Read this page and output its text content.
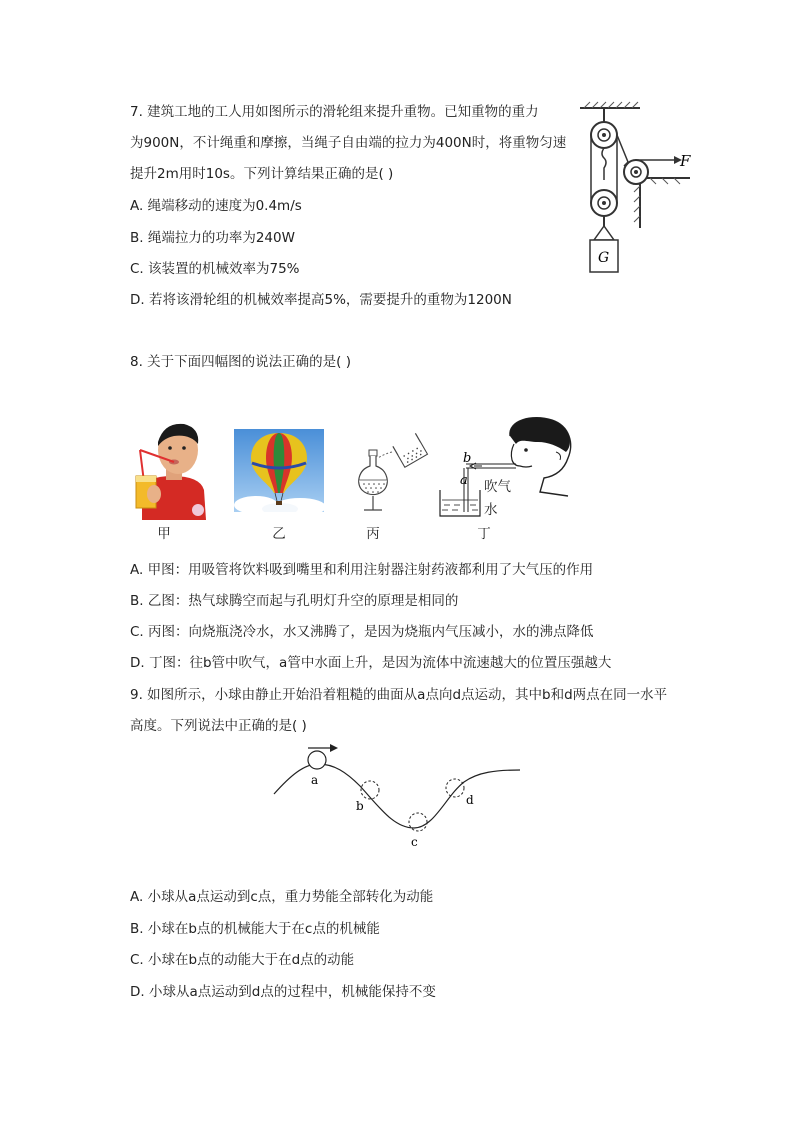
7. 建筑工地的工人用如图所示的滑轮组来提升重物。已知重物的重力
为900N，不计绳重和摩擦，当绳子自由端的拉力为400N时，将重物匀速
提升2m用时10s。下列计算结果正确的是( )
A. 绳端移动的速度为0.4m/s
B. 绳端拉力的功率为240W
C. 该装置的机械效率为75%
D. 若将该滑轮组的机械效率提高5%，需要提升的重物为1200N
G
F
8. 关于下面四幅图的说法正确的是( )
甲	乙	丙
b
a 吹气
水
丁
A. 甲图：用吸管将饮料吸到嘴里和利用注射器注射药液都利用了大气压的作用
B. 乙图：热气球腾空而起与孔明灯升空的原理是相同的
C. 丙图：向烧瓶浇冷水，水又沸腾了，是因为烧瓶内气压减小，水的沸点降低
D. 丁图：往b管中吹气，a管中水面上升，是因为流体中流速越大的位置压强越大
9. 如图所示，小球由静止开始沿着粗糙的曲面从a点向d点运动，其中b和d两点在同一水平
高度。下列说法中正确的是( )
a
b
c
d
A. 小球从a点运动到c点，重力势能全部转化为动能
B. 小球在b点的机械能大于在c点的机械能
C. 小球在b点的动能大于在d点的动能
D. 小球从a点运动到d点的过程中，机械能保持不变
